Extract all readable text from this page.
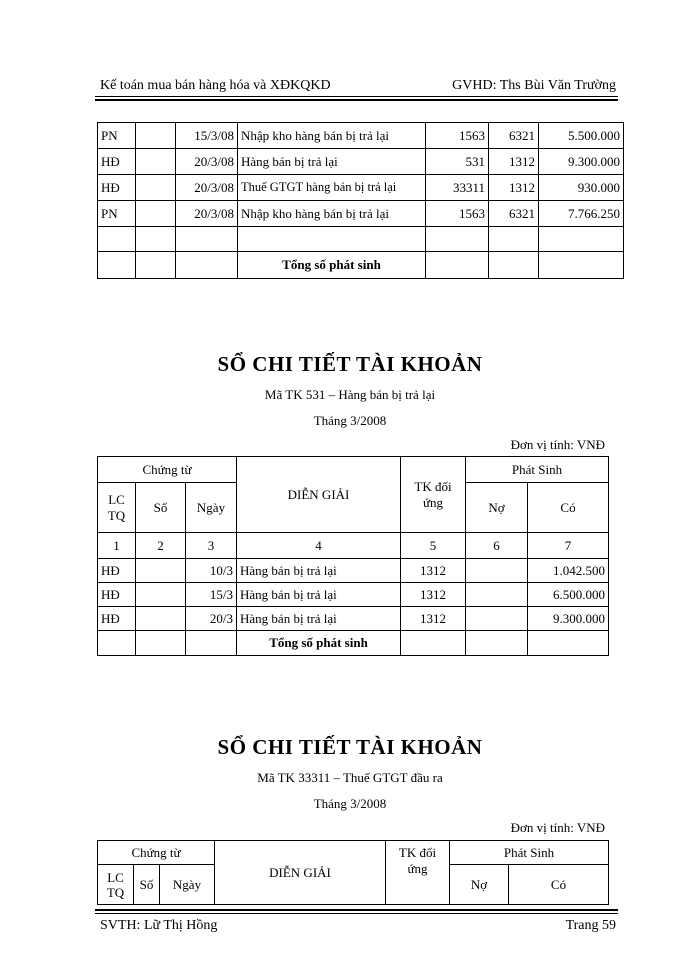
Kế toán mua bán hàng hóa và XĐKQKD	GVHD: Ths Bùi Văn Trường
PN		15/3/08	Nhập kho hàng bán bị trả lại	1563	6321	5.500.000
HĐ		20/3/08	Hàng bán bị trả lại	531	1312	9.300.000
HĐ		20/3/08	Thuế GTGT hàng bán bị trả lại	33311	1312	930.000
PN		20/3/08	Nhập kho hàng bán bị trả lại	1563	6321	7.766.250

			Tổng số phát sinh			
SỔ CHI TIẾT TÀI KHOẢN
Mã TK 531 – Hàng bán bị trả lại
Tháng 3/2008
Đơn vị tính: VNĐ
Chứng từ			DIỄN GIẢI	TK đối ứng	Phát Sinh	
LC TQ	Số	Ngày			Nợ	Có
1	2	3	4	5	6	7
HĐ		10/3	Hàng bán bị trả lại	1312		1.042.500
HĐ		15/3	Hàng bán bị trả lại	1312		6.500.000
HĐ		20/3	Hàng bán bị trả lại	1312		9.300.000
			Tổng số phát sinh			
SỔ CHI TIẾT TÀI KHOẢN
Mã TK 33311 – Thuế GTGT đầu ra
Tháng 3/2008
Đơn vị tính: VNĐ
Chứng từ			DIỄN GIẢI	TK đối ứng	Phát Sinh	
LC TQ	Số	Ngày			Nợ	Có
SVTH: Lữ Thị Hồng	Trang 59
